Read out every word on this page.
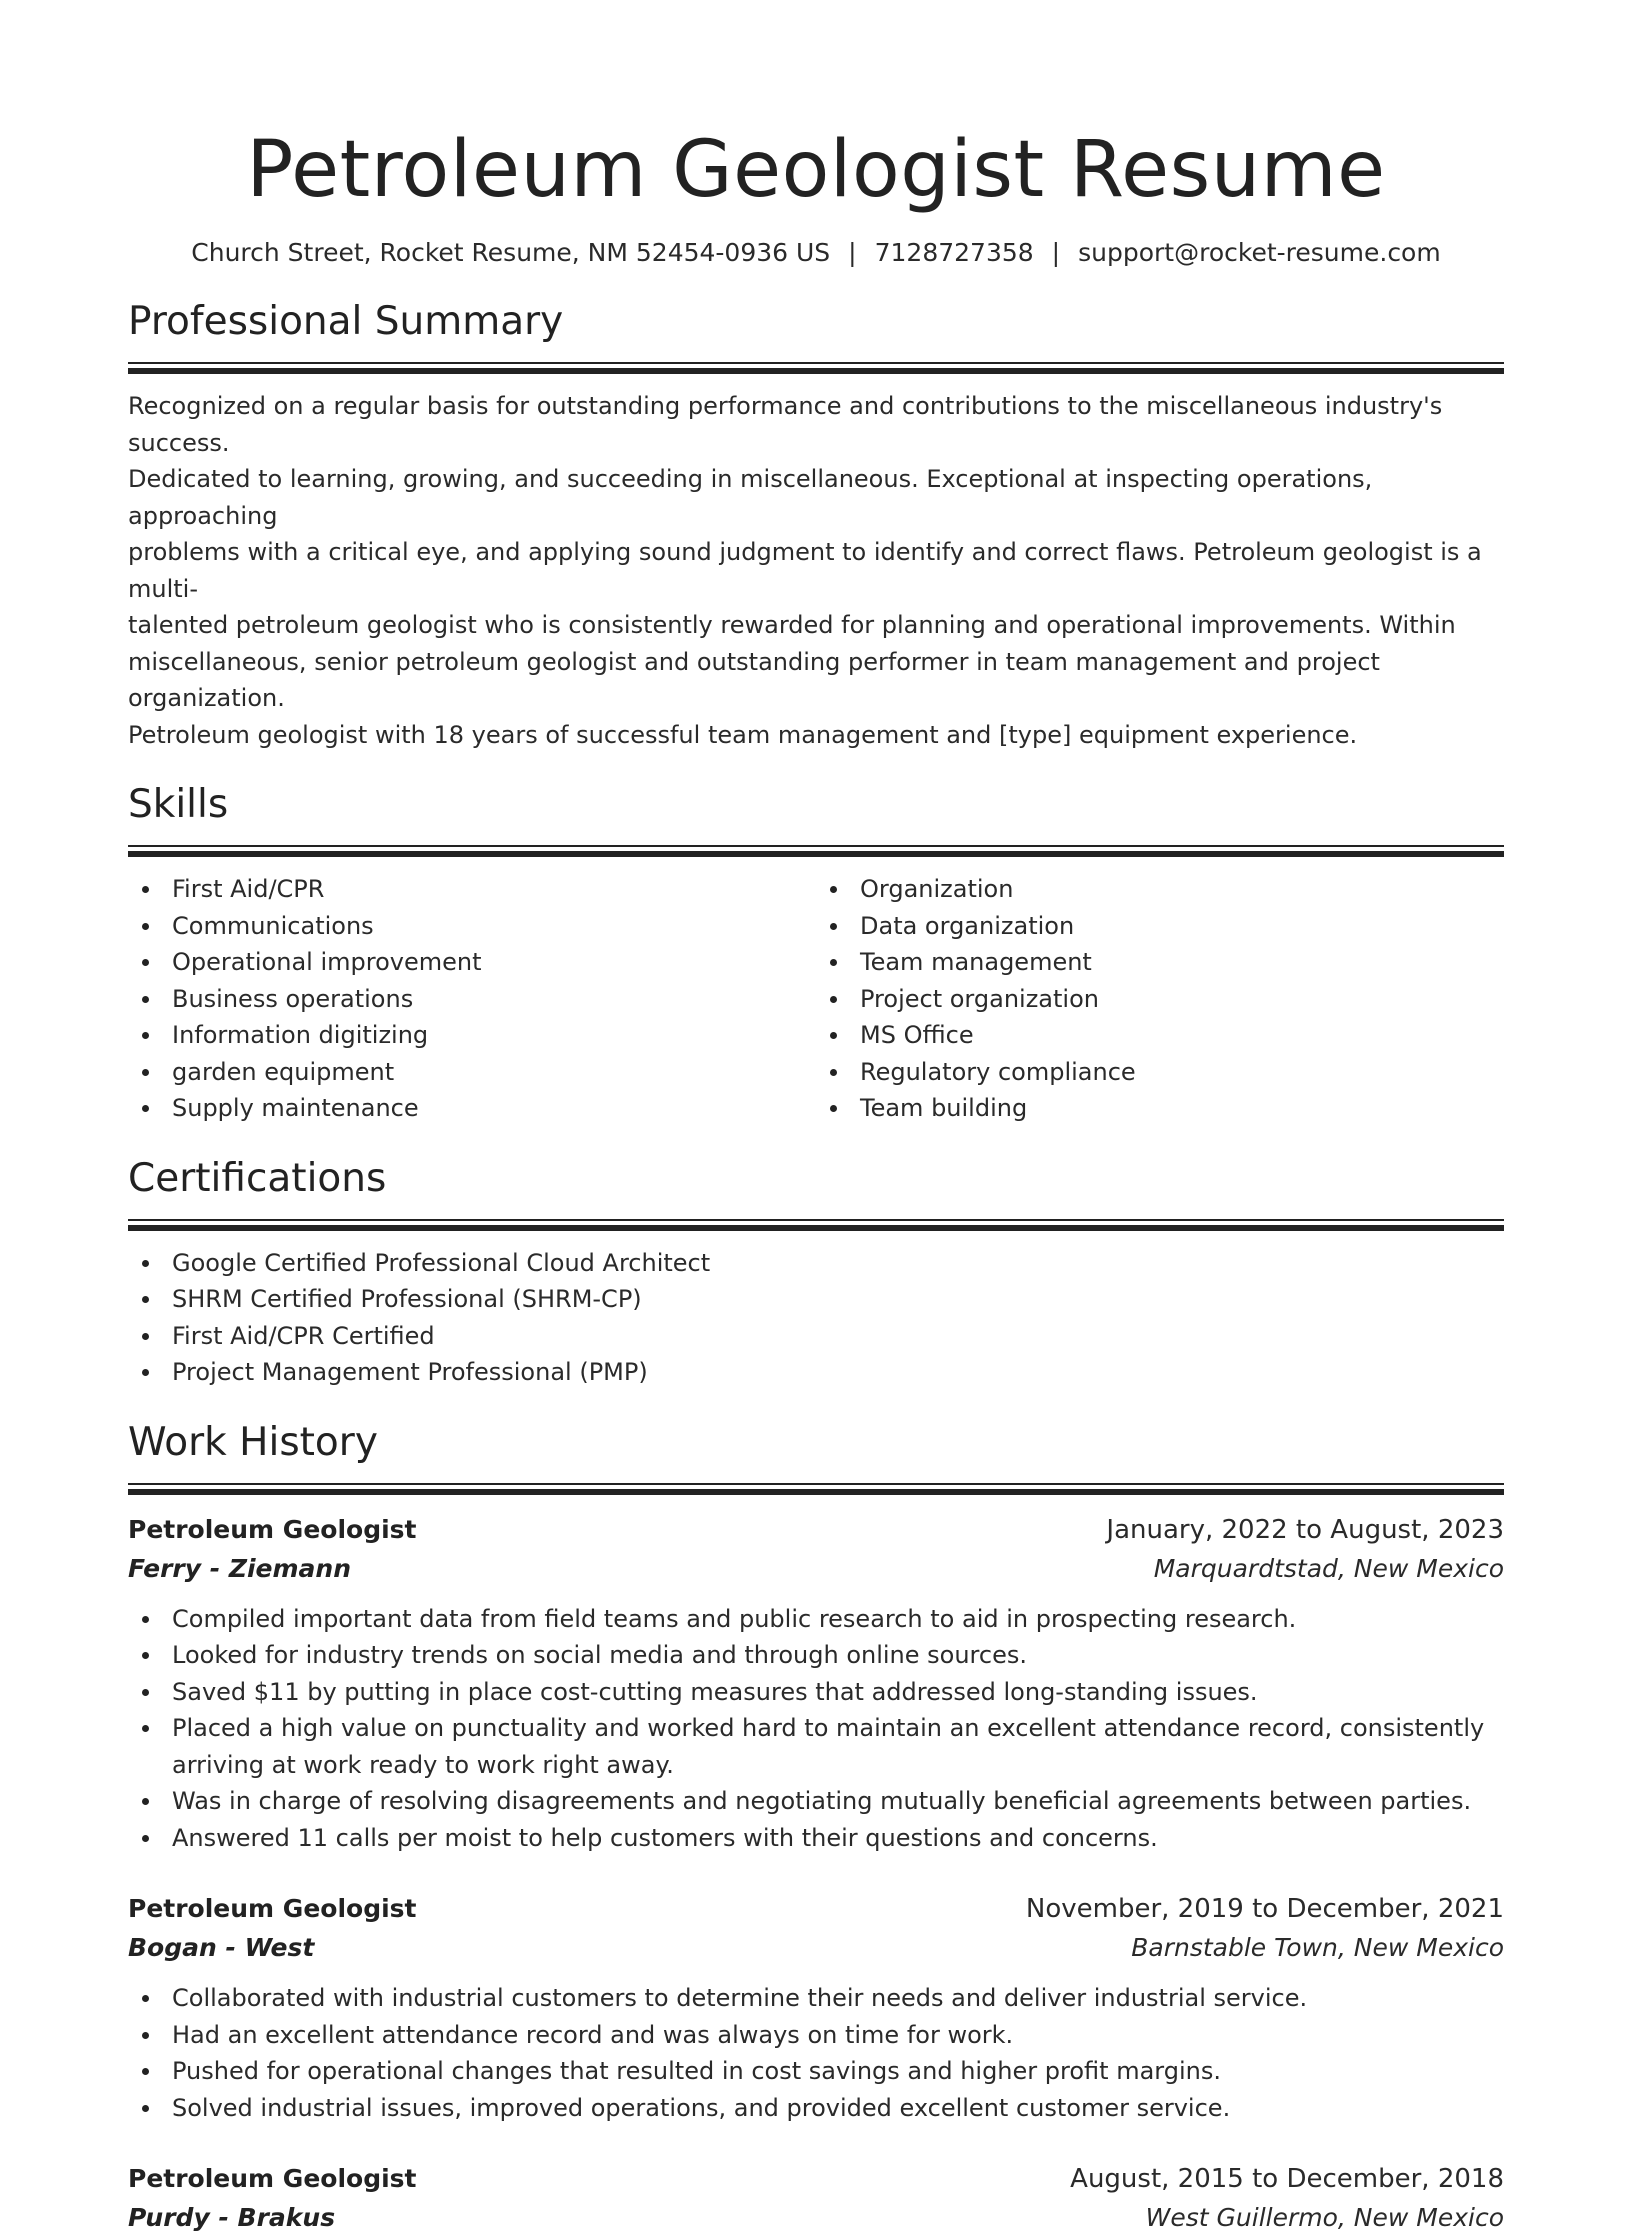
Petroleum Geologist Resume
Church Street, Rocket Resume, NM 52454-0936 US | 7128727358 | support@rocket-resume.com
Professional Summary
Recognized on a regular basis for outstanding performance and contributions to the miscellaneous industry's success.
Dedicated to learning, growing, and succeeding in miscellaneous. Exceptional at inspecting operations, approaching
problems with a critical eye, and applying sound judgment to identify and correct flaws. Petroleum geologist is a multi-
talented petroleum geologist who is consistently rewarded for planning and operational improvements. Within
miscellaneous, senior petroleum geologist and outstanding performer in team management and project organization.
Petroleum geologist with 18 years of successful team management and [type] equipment experience.
Skills
First Aid/CPR
Communications
Operational improvement
Business operations
Information digitizing
garden equipment
Supply maintenance
Organization
Data organization
Team management
Project organization
MS Office
Regulatory compliance
Team building
Certifications
Google Certified Professional Cloud Architect
SHRM Certified Professional (SHRM-CP)
First Aid/CPR Certified
Project Management Professional (PMP)
Work History
Petroleum Geologist	January, 2022 to August, 2023
Ferry - Ziemann	Marquardtstad, New Mexico
Compiled important data from field teams and public research to aid in prospecting research.
Looked for industry trends on social media and through online sources.
Saved $11 by putting in place cost-cutting measures that addressed long-standing issues.
Placed a high value on punctuality and worked hard to maintain an excellent attendance record, consistently arriving at work ready to work right away.
Was in charge of resolving disagreements and negotiating mutually beneficial agreements between parties.
Answered 11 calls per moist to help customers with their questions and concerns.
Petroleum Geologist	November, 2019 to December, 2021
Bogan - West	Barnstable Town, New Mexico
Collaborated with industrial customers to determine their needs and deliver industrial service.
Had an excellent attendance record and was always on time for work.
Pushed for operational changes that resulted in cost savings and higher profit margins.
Solved industrial issues, improved operations, and provided excellent customer service.
Petroleum Geologist	August, 2015 to December, 2018
Purdy - Brakus	West Guillermo, New Mexico
